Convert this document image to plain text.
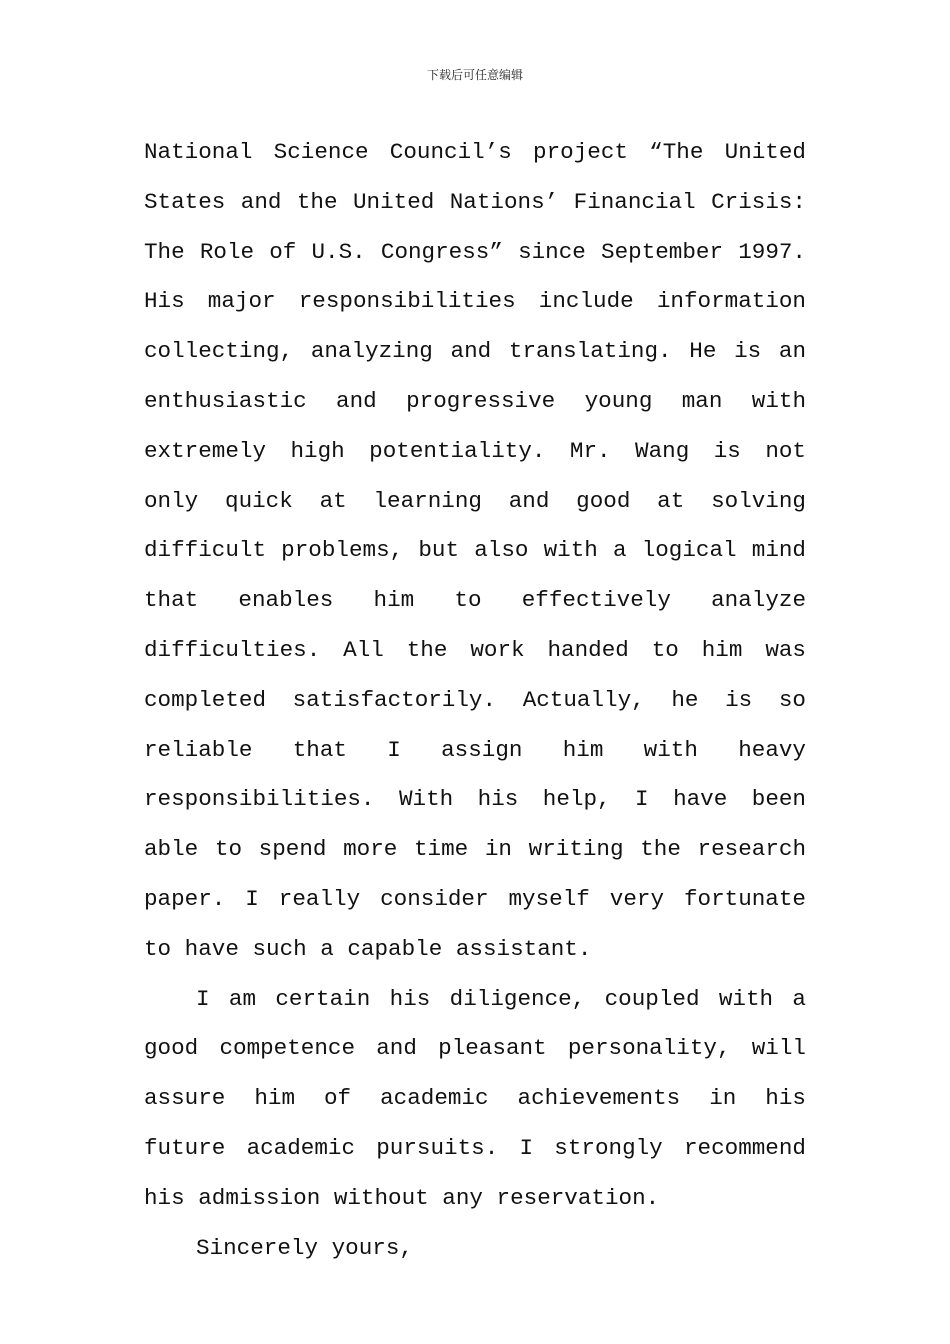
下载后可任意编辑

National Science Council’s project “The United States and the United Nations’ Financial Crisis: The Role of U.S. Congress” since September 1997. His major responsibilities include information collecting, analyzing and translating. He is an enthusiastic and progressive young man with extremely high potentiality. Mr. Wang is not only quick at learning and good at solving difficult problems, but also with a logical mind that enables him to effectively analyze difficulties. All the work handed to him was completed satisfactorily. Actually, he is so reliable that I assign him with heavy responsibilities. With his help, I have been able to spend more time in writing the research paper. I really consider myself very fortunate to have such a capable assistant.

I am certain his diligence, coupled with a good competence and pleasant personality, will assure him of academic achievements in his future academic pursuits. I strongly recommend his admission without any reservation.

Sincerely yours,
